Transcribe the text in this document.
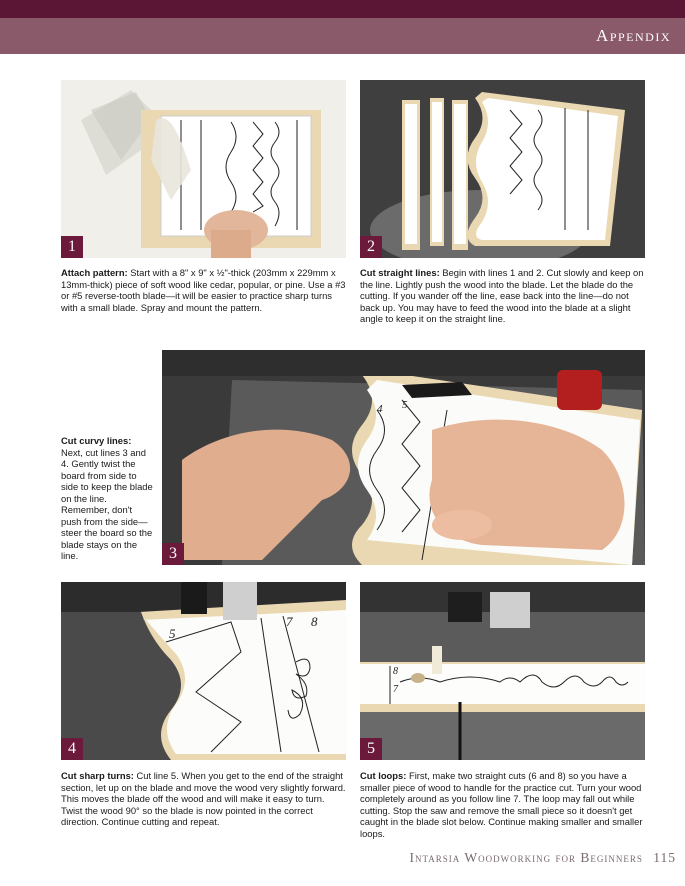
Appendix
1	2
Attach pattern: Start with a 8" x 9" x ½"-thick (203mm x 229mm x 13mm-thick) piece of soft wood like cedar, popular, or pine. Use a #3 or #5 reverse-tooth blade—it will be easier to practice sharp turns with a small blade. Spray and mount the pattern.
Cut straight lines: Begin with lines 1 and 2. Cut slowly and keep on the line. Lightly push the wood into the blade. Let the blade do the cutting. If you wander off the line, ease back into the line—do not back up. You may have to feed the wood into the blade at a slight angle to keep it on the straight line.
4 5
3
Cut curvy lines:
Next, cut lines 3 and 4. Gently twist the board from side to side to keep the blade on the line. Remember, don't push from the side—steer the board so the blade stays on the line.
5
7 8
4
7
8
5
Cut sharp turns: Cut line 5. When you get to the end of the straight section, let up on the blade and move the wood very slightly forward. This moves the blade off the wood and will make it easy to turn. Twist the wood 90° so the blade is now pointed in the correct direction. Continue cutting and repeat.
Cut loops: First, make two straight cuts (6 and 8) so you have a smaller piece of wood to handle for the practice cut. Turn your wood completely around as you follow line 7. The loop may fall out while cutting. Stop the saw and remove the small piece so it doesn't get caught in the blade slot below. Continue making smaller and smaller loops.
Intarsia Woodworking for Beginners 115
